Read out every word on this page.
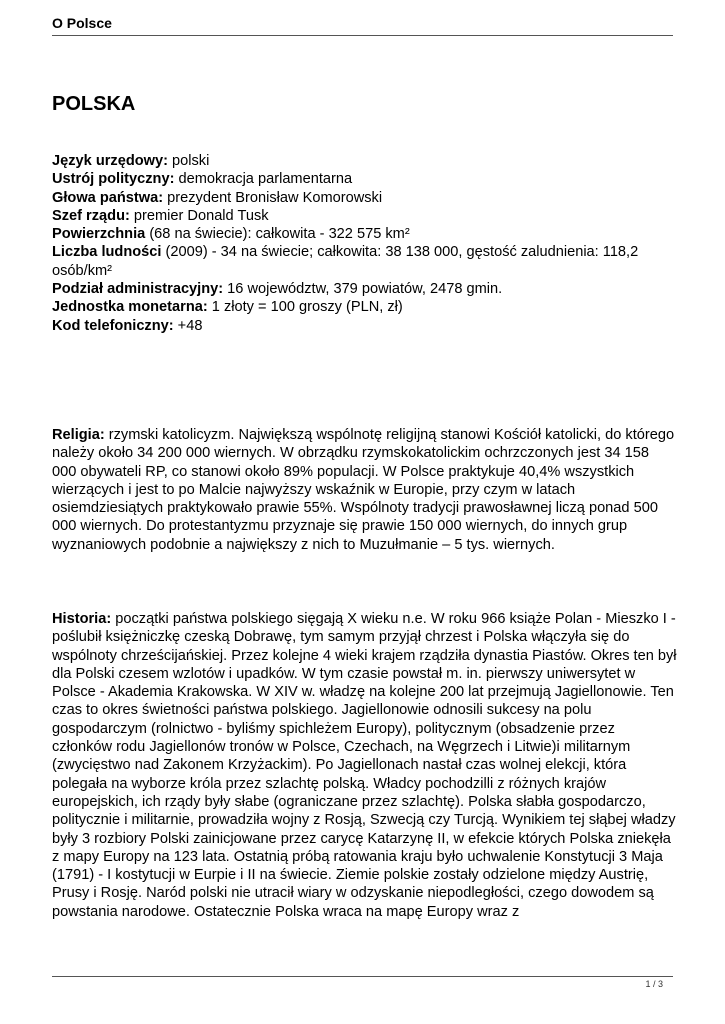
O Polsce
POLSKA

Język urzędowy: polski

Ustrój polityczny: demokracja parlamentarna

Głowa państwa: prezydent Bronisław Komorowski

Szef rządu: premier Donald Tusk

Powierzchnia (68 na świecie): całkowita - 322 575 km²

Liczba ludności (2009) - 34 na świecie; całkowita: 38 138 000, gęstość zaludnienia: 118,2 osób/km²

Podział administracyjny: 16 województw, 379 powiatów, 2478 gmin.

Jednostka monetarna: 1 złoty = 100 groszy (PLN, zł)

Kod telefoniczny: +48

Religia: rzymski katolicyzm. Największą wspólnotę religijną stanowi Kościół katolicki, do którego należy około 34 200 000 wiernych. W obrządku rzymskokatolickim ochrzczonych jest 34 158 000 obywateli RP, co stanowi około 89% populacji. W Polsce praktykuje 40,4% wszystkich wierzących i jest to po Malcie najwyższy wskaźnik w Europie, przy czym w latach osiemdziesiątych praktykowało prawie 55%. Wspólnoty tradycji prawosławnej liczą ponad 500 000 wiernych. Do protestantyzmu przyznaje się prawie 150 000 wiernych, do innych grup wyznaniowych podobnie a największy z nich to Muzułmanie – 5 tys. wiernych.

Historia: początki państwa polskiego sięgają X wieku n.e. W roku 966 książe Polan - Mieszko I - poślubił księżniczkę czeską Dobrawę, tym samym przyjął chrzest i Polska włączyła się do wspólnoty chrześcijańskiej. Przez kolejne 4 wieki krajem rządziła dynastia Piastów. Okres ten był dla Polski czesem wzlotów i upadków. W tym czasie powstał m. in. pierwszy uniwersytet w Polsce - Akademia Krakowska. W XIV w. władzę na kolejne 200 lat przejmują Jagiellonowie. Ten czas to okres świetności państwa polskiego. Jagiellonowie odnosili sukcesy na polu gospodarczym (rolnictwo - byliśmy spichleżem Europy), politycznym (obsadzenie przez członków rodu Jagiellonów tronów w Polsce, Czechach, na Węgrzech i Litwie)i militarnym (zwycięstwo nad Zakonem Krzyżackim). Po Jagiellonach nastał czas wolnej elekcji, która polegała na wyborze króla przez szlachtę polską. Władcy pochodzilli z różnych krajów europejskich, ich rządy były słabe (ograniczane przez szlachtę). Polska słabła gospodarczo, politycznie i militarnie, prowadziła wojny z Rosją, Szwecją czy Turcją. Wynikiem tej słąbej władzy były 3 rozbiory Polski zainicjowane przez carycę Katarzynę II, w efekcie których Polska zniekęła z mapy Europy na 123 lata. Ostatnią próbą ratowania kraju było uchwalenie Konstytucji 3 Maja (1791) - I kostytucji w Eurpie i II na świecie. Ziemie polskie zostały odzielone między Austrię, Prusy i Rosję. Naród polski nie utracił wiary w odzyskanie niepodległości, czego dowodem są powstania narodowe. Ostatecznie Polska wraca na mapę Europy wraz z

1 / 3
